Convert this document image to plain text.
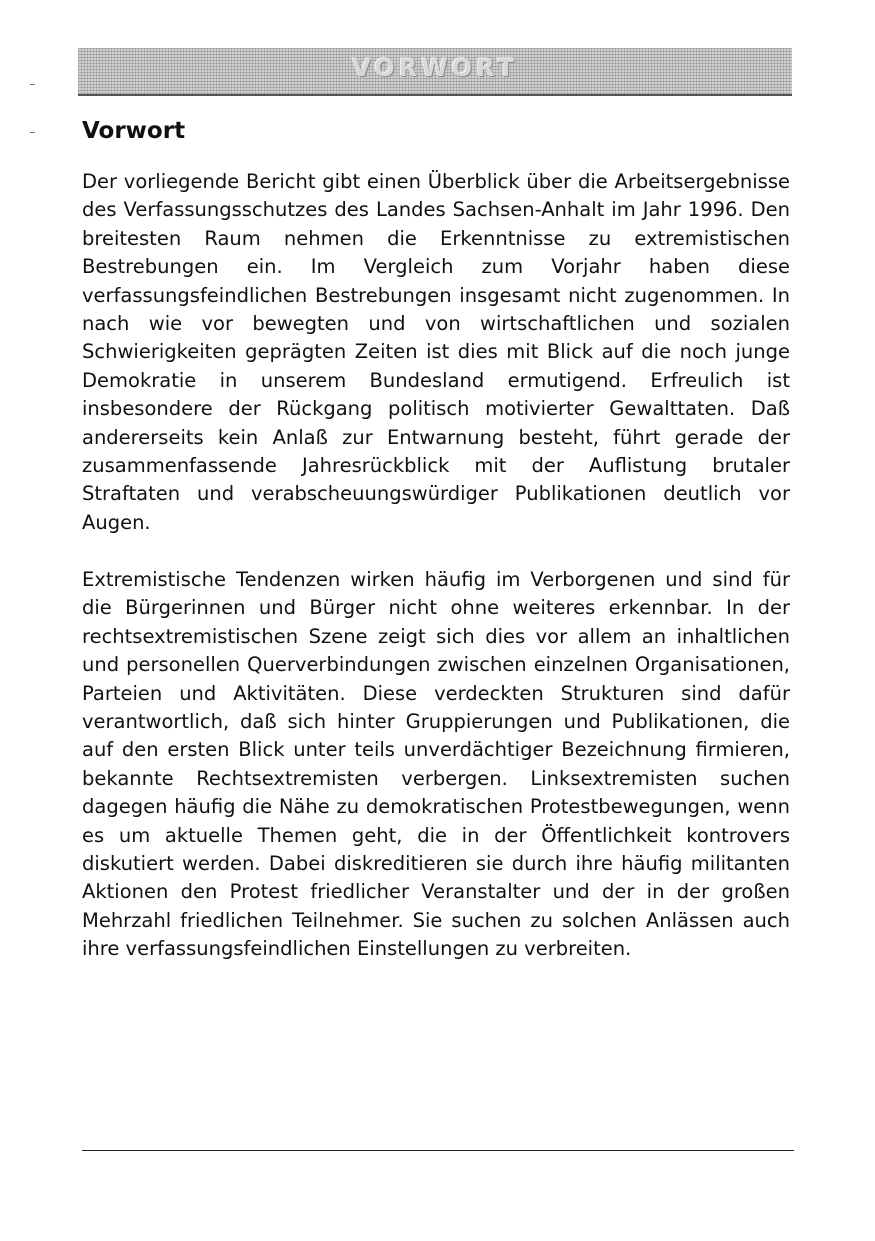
VORWORT
Vorwort

Der vorliegende Bericht gibt einen Überblick über die Arbeitsergebnisse des Verfassungsschutzes des Landes Sachsen-Anhalt im Jahr 1996. Den breitesten Raum nehmen die Erkenntnisse zu extremistischen Bestrebungen ein. Im Vergleich zum Vorjahr haben diese verfassungsfeindlichen Bestrebungen insgesamt nicht zugenommen. In nach wie vor bewegten und von wirtschaftlichen und sozialen Schwierigkeiten geprägten Zeiten ist dies mit Blick auf die noch junge Demokratie in unserem Bundesland ermutigend. Erfreulich ist insbesondere der Rückgang politisch motivierter Gewalttaten. Daß andererseits kein Anlaß zur Entwarnung besteht, führt gerade der zusammenfassende Jahresrückblick mit der Auflistung brutaler Straftaten und verabscheuungswürdiger Publikationen deutlich vor Augen.

Extremistische Tendenzen wirken häufig im Verborgenen und sind für die Bürgerinnen und Bürger nicht ohne weiteres erkennbar. In der rechtsextremistischen Szene zeigt sich dies vor allem an inhaltlichen und personellen Querverbindungen zwischen einzelnen Organisationen, Parteien und Aktivitäten. Diese verdeckten Strukturen sind dafür verantwortlich, daß sich hinter Gruppierungen und Publikationen, die auf den ersten Blick unter teils unverdächtiger Bezeichnung firmieren, bekannte Rechtsextremisten verbergen. Linksextremisten suchen dagegen häufig die Nähe zu demokratischen Protestbewegungen, wenn es um aktuelle Themen geht, die in der Öffentlichkeit kontrovers diskutiert werden. Dabei diskreditieren sie durch ihre häufig militanten Aktionen den Protest friedlicher Veranstalter und der in der großen Mehrzahl friedlichen Teilnehmer. Sie suchen zu solchen Anlässen auch ihre verfassungsfeindlichen Einstellungen zu verbreiten.
